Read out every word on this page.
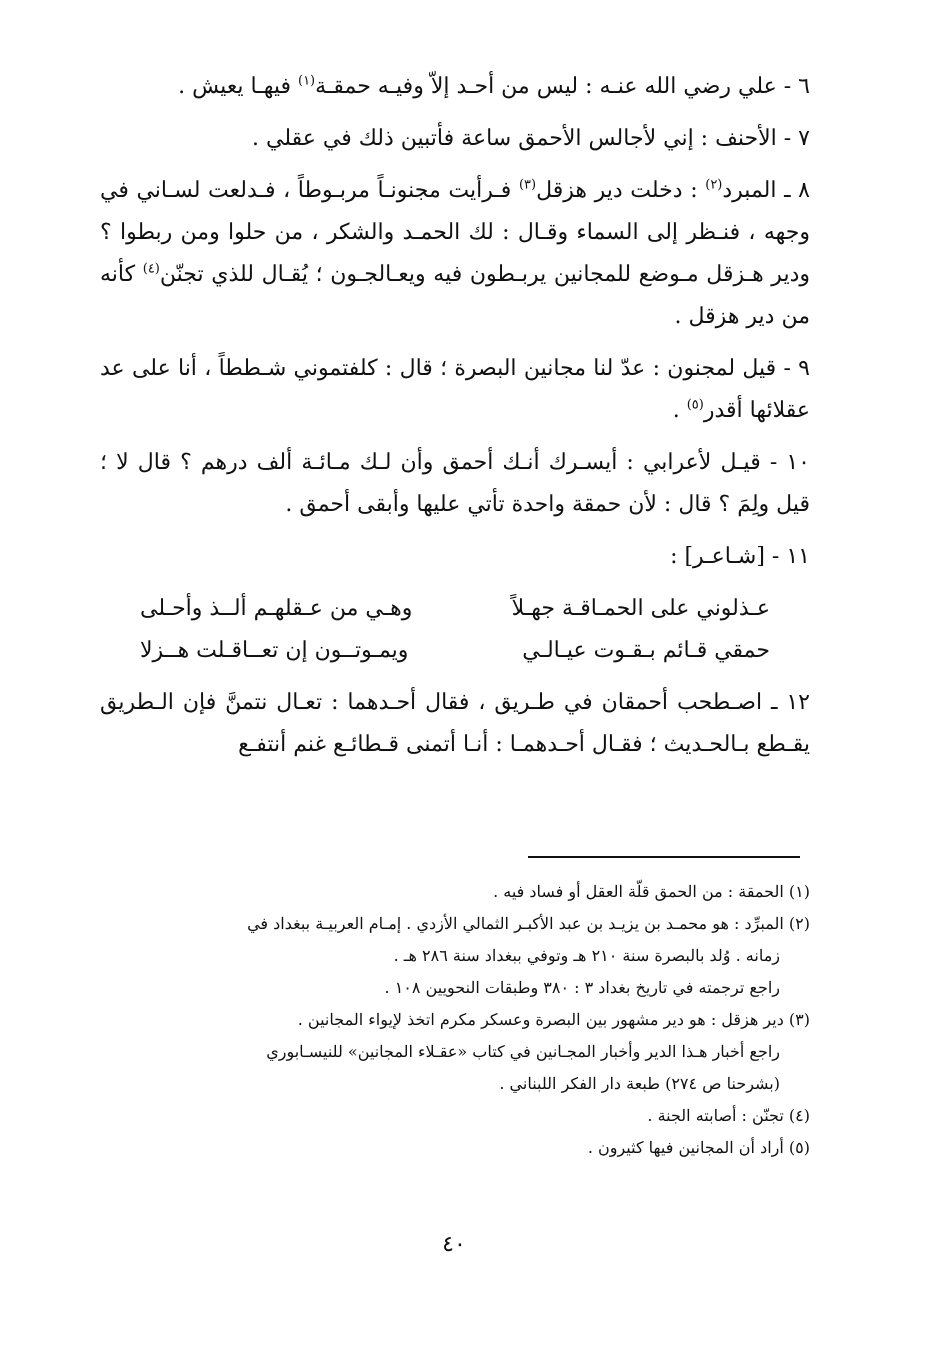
٦ - علي رضي الله عنـه : ليس من أحـد إلاّ وفيـه حمقـة$^{(١)}$ فيهـا يعيش .

٧ - الأحنف : إني لأجالس الأحمق ساعة فأتبين ذلك في عقلي .

٨ ـ المبرد$^{(٢)}$ : دخلت دير هزقل$^{(٣)}$ فـرأيت مجنونـاً مربـوطاً ، فـدلعت لسـاني في وجهه ، فنـظر إلى السماء وقـال : لك الحمـد والشكر ، من حلوا ومن ربطوا ؟ ودير هـزقل مـوضع للمجانين يربـطون فيه ويعـالجـون ؛ يُقـال للذي تجنّن$^{(٤)}$ كأنه من دير هزقل .

٩ - قيل لمجنون : عدّ لنا مجانين البصرة ؛ قال : كلفتموني شـططاً ، أنا على عد عقلائها أقدر$^{(٥)}$ .

١٠ - قيـل لأعرابي : أيسـرك أنـك أحمق وأن لـك مـائـة ألف درهم ؟ قال لا ؛ قيل ولِمَ ؟ قال : لأن حمقة واحدة تأتي عليها وأبقى أحمق .

١١ - [شـاعـر] :

عـذلوني على الحمـاقـة جهـلاً
وهـي من عـقلهـم ألــذ وأحـلى
حمقي قـائم بـقـوت عيـالـي
ويمـوتــون إن تعــاقـلت هــزلا

١٢ ـ اصـطحب أحمقان في طـريق ، فقال أحـدهما : تعـال نتمنَّ فإن الـطريق يقـطع بـالحـديث ؛ فقـال أحـدهمـا : أنـا أتمنى قـطائـع غنم أنتفـع

(١) الحمقة : من الحمق قلّة العقل أو فساد فيه .

(٢) المبرِّد : هو محمـد بن يزيـد بن عبد الأكبـر الثمالي الأزدي . إمـام العربيـة ببغداد في

زمانه . وُلد بالبصرة سنة ٢١٠ هـ وتوفي ببغداد سنة ٢٨٦ هـ .

راجع ترجمته في تاريخ بغداد ٣ : ٣٨٠ وطبقات النحويين ١٠٨ .

(٣) دير هزقل : هو دير مشهور بين البصرة وعسكر مكرم اتخذ لإيواء المجانين .

راجع أخبار هـذا الدير وأخبار المجـانين في كتاب «عقـلاء المجانين» للنيسـابوري

(بشرحنا ص ٢٧٤) طبعة دار الفكر اللبناني .

(٤) تجنّن : أصابته الجنة .

(٥) أراد أن المجانين فيها كثيرون .

٤٠
